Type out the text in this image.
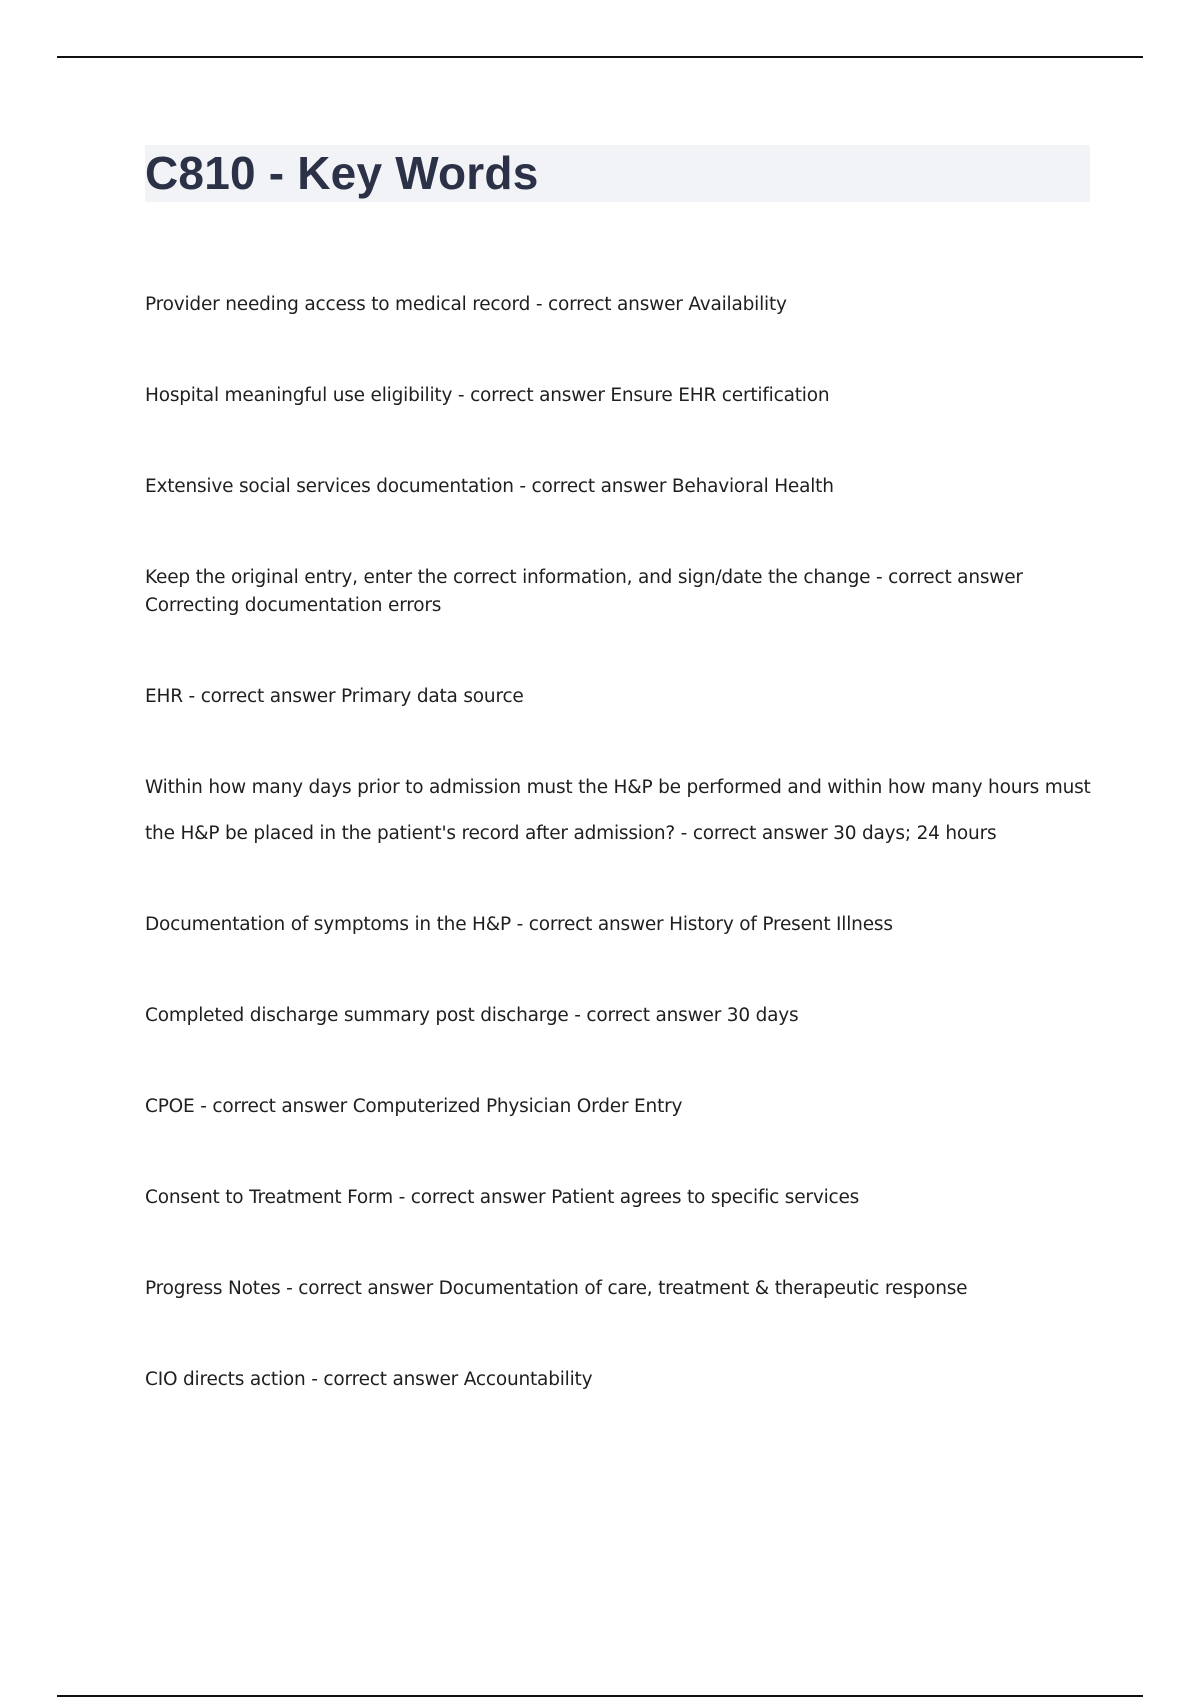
C810 - Key Words

Provider needing access to medical record - correct answer Availability

Hospital meaningful use eligibility - correct answer Ensure EHR certification

Extensive social services documentation - correct answer Behavioral Health

Keep the original entry, enter the correct information, and sign/date the change - correct answer Correcting documentation errors

EHR - correct answer Primary data source

Within how many days prior to admission must the H&P be performed and within how many hours must the H&P be placed in the patient's record after admission? - correct answer 30 days; 24 hours

Documentation of symptoms in the H&P - correct answer History of Present Illness

Completed discharge summary post discharge - correct answer 30 days

CPOE - correct answer Computerized Physician Order Entry

Consent to Treatment Form - correct answer Patient agrees to specific services

Progress Notes - correct answer Documentation of care, treatment & therapeutic response

CIO directs action - correct answer Accountability
